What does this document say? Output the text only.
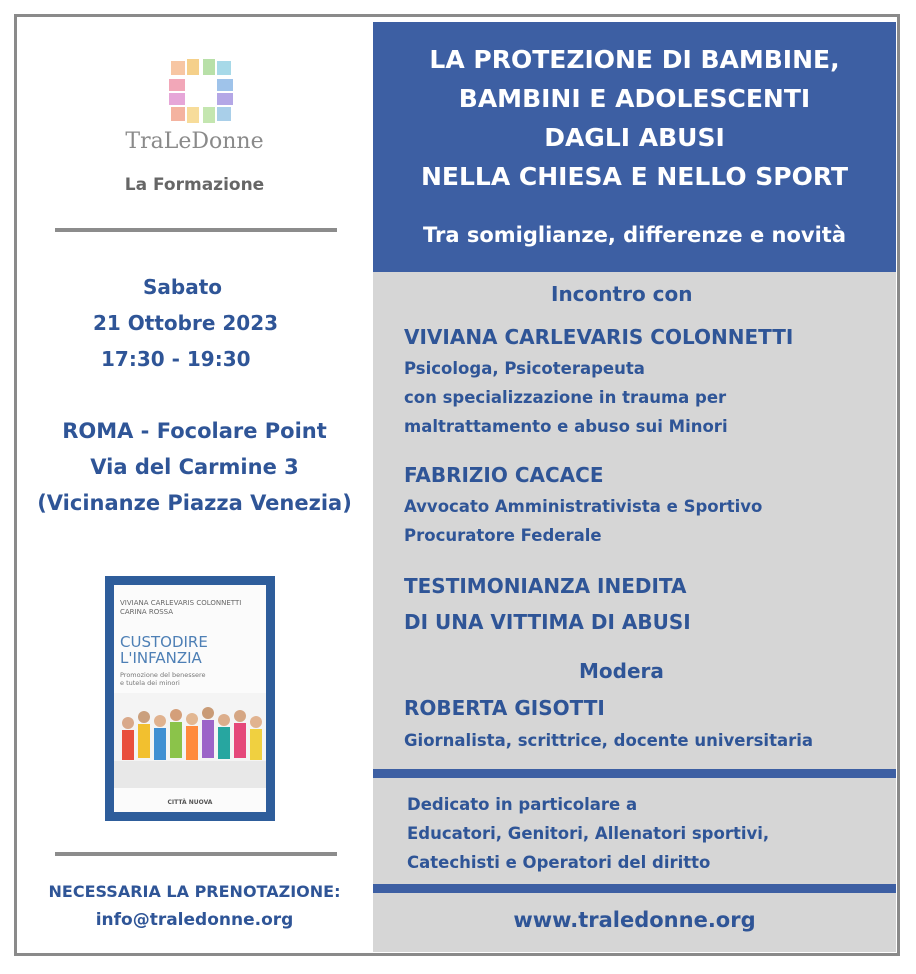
TraLeDonne
La Formazione
Sabato
21 Ottobre 2023
17:30 - 19:30
ROMA - Focolare Point
Via del Carmine 3
(Vicinanze Piazza Venezia)
VIVIANA CARLEVARIS COLONNETTI
CARINA ROSSA
CUSTODIRE
L'INFANZIA
Promozione del benessere
e tutela dei minori
CITTÀ NUOVA
NECESSARIA LA PRENOTAZIONE:
info@traledonne.org
LA PROTEZIONE DI BAMBINE,
BAMBINI E ADOLESCENTI
DAGLI ABUSI
NELLA CHIESA E NELLO SPORT
Tra somiglianze, differenze e novità
Incontro con
VIVIANA CARLEVARIS COLONNETTI
Psicologa, Psicoterapeuta
con specializzazione in trauma per
maltrattamento e abuso sui Minori
FABRIZIO CACACE
Avvocato Amministrativista e Sportivo
Procuratore Federale
TESTIMONIANZA INEDITA
DI UNA VITTIMA DI ABUSI
Modera
ROBERTA GISOTTI
Giornalista, scrittrice, docente universitaria
Dedicato in particolare a
Educatori, Genitori, Allenatori sportivi,
Catechisti e Operatori del diritto
www.traledonne.org
